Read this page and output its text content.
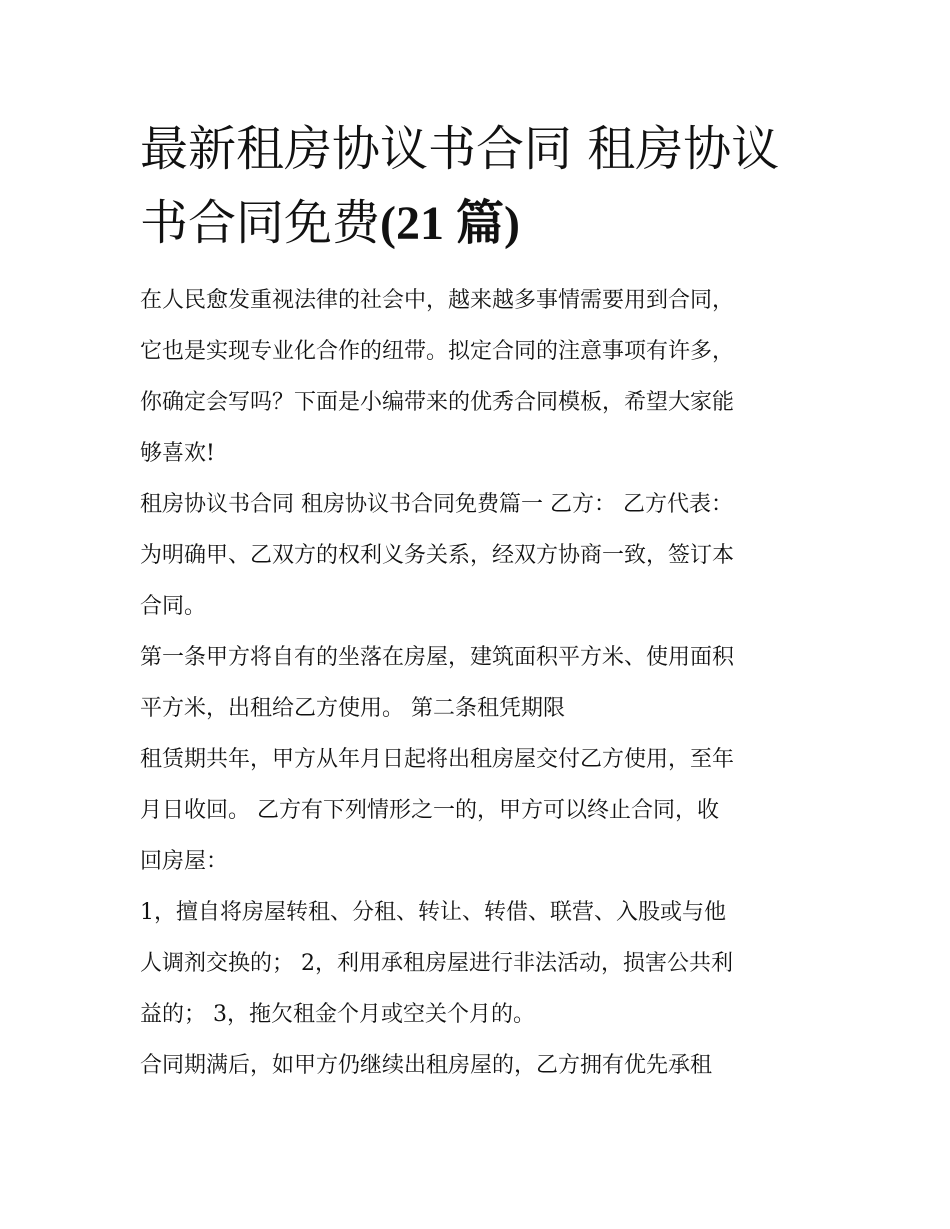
最新租房协议书合同 租房协议
书合同免费(21 篇)
在人民愈发重视法律的社会中，越来越多事情需要用到合同，
它也是实现专业化合作的纽带。拟定合同的注意事项有许多，
你确定会写吗？下面是小编带来的优秀合同模板，希望大家能
够喜欢!
租房协议书合同 租房协议书合同免费篇一 乙方： 乙方代表：
为明确甲、乙双方的权利义务关系，经双方协商一致，签订本
合同。
第一条甲方将自有的坐落在房屋，建筑面积平方米、使用面积
平方米，出租给乙方使用。 第二条租凭期限
租赁期共年，甲方从年月日起将出租房屋交付乙方使用，至年
月日收回。 乙方有下列情形之一的，甲方可以终止合同，收
回房屋：
1，擅自将房屋转租、分租、转让、转借、联营、入股或与他
人调剂交换的； 2，利用承租房屋进行非法活动，损害公共利
益的； 3，拖欠租金个月或空关个月的。
合同期满后，如甲方仍继续出租房屋的，乙方拥有优先承租
